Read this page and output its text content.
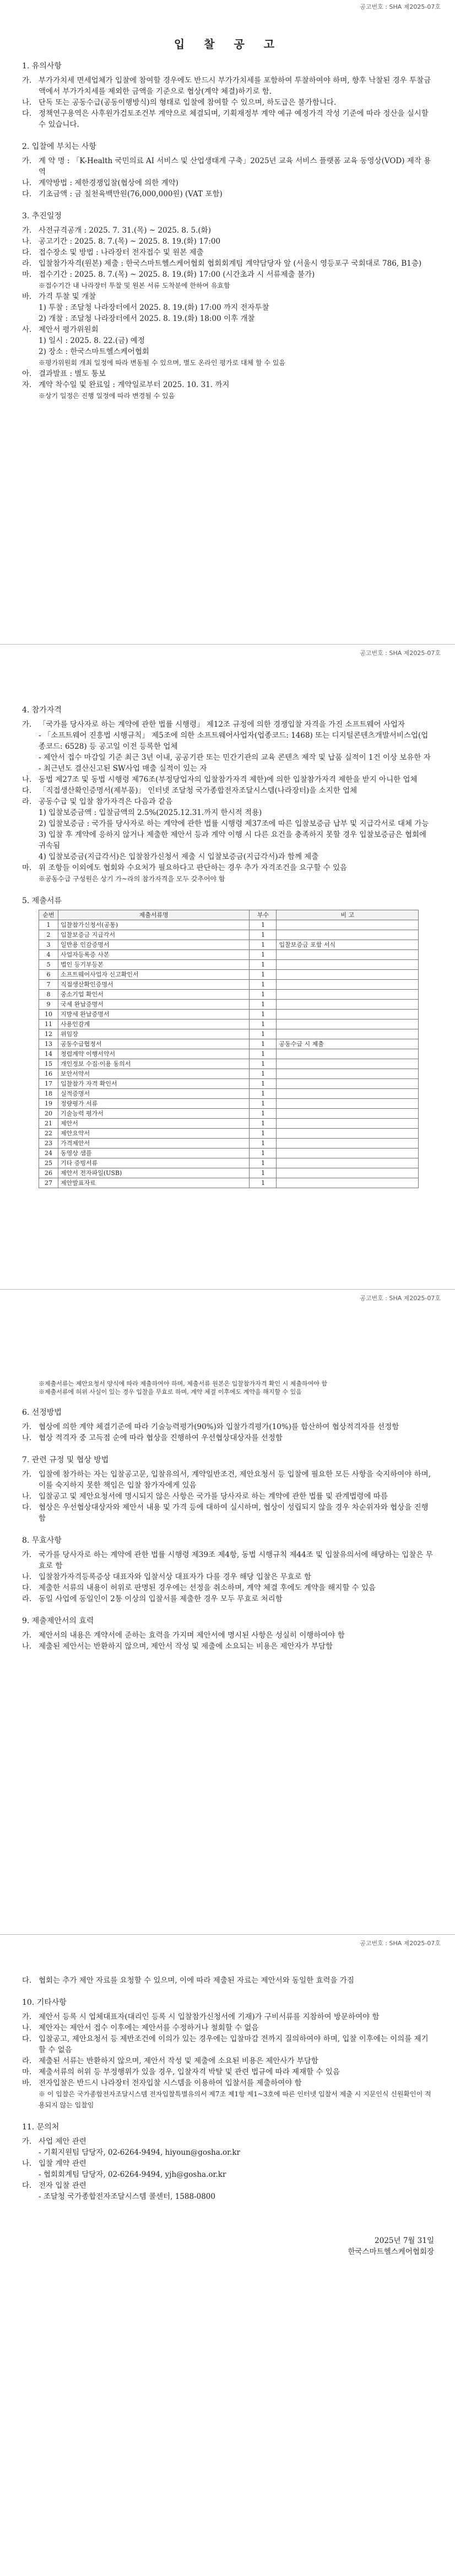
공고번호 : SHA 제2025-07호
입 찰 공 고
1. 유의사항
가. 부가가치세 면세업체가 입찰에 참여할 경우에도 반드시 부가가치세를 포함하여 투찰하여야 하며, 향후 낙찰된 경우 투찰금액에서 부가가치세를 제외한 금액을 기준으로 협상(계약 체결)하기로 함.
나. 단독 또는 공동수급(공동이행방식)의 형태로 입찰에 참여할 수 있으며, 하도급은 불가함니다.
다. 정책연구용역은 사후원가검토조건부 계약으로 체결되며, 기획재정부 계약 예규 예정가격 작성 기준에 따라 정산을 실시할 수 있습니다.
2. 입찰에 부치는 사항
가. 계 약 명 : 「K-Health 국민의료 AI 서비스 및 산업생태계 구축」2025년 교육 서비스 플랫폼 교육 동영상(VOD) 제작 용역
나. 계약방법 : 제한경쟁입찰(협상에 의한 계약)
다. 기초금액 : 금 칠천육백만원(76,000,000원) (VAT 포함)
3. 추진일정
가. 사전규격공개 : 2025. 7. 31.(목) ~ 2025. 8. 5.(화)
나. 공고기간 : 2025. 8. 7.(목) ~ 2025. 8. 19.(화) 17:00
다. 접수장소 및 방법 : 나라장터 전자접수 및 원본 제출
라. 입찰참가자격(원본) 제출 : 한국스마트헬스케어협회 협회회계팀 계약담당자 앞 (서울시 영등포구 국회대로 786, B1층)
마. 접수기간 : 2025. 8. 7.(목) ~ 2025. 8. 19.(화) 17:00 (시간초과 시 서류제출 불가)
※접수기간 내 나라장터 투찰 및 원본 서류 도착분에 한하여 유효함
바. 가격 투찰 및 개찰
1) 투찰 : 조달청 나라장터에서 2025. 8. 19.(화) 17:00 까지 전자투찰
2) 개찰 : 조달청 나라장터에서 2025. 8. 19.(화) 18:00 이후 개찰
사. 제안서 평가위원회
1) 일시 : 2025. 8. 22.(금) 예정
2) 장소 : 한국스마트헬스케어협회
※평가위원회 개최 일정에 따라 변동될 수 있으며, 별도 온라인 평가로 대체 할 수 있음
아. 결과발표 : 별도 통보
자. 계약 착수일 및 완료일 : 계약일로부터 2025. 10. 31. 까지
※상기 일정은 진행 일정에 따라 변경될 수 있음
공고번호 : SHA 제2025-07호
4. 참가자격
가. 「국가를 당사자로 하는 계약에 관한 법률 시행령」 제12조 규정에 의한 경쟁입찰 자격을 가진 소프트웨어 사업자
- 「소프트웨어 진흥법 시행규칙」 제5조에 의한 소프트웨어사업자(업종코드: 1468) 또는 디지털콘텐츠개발서비스업(업종코드: 6528) 등 공고일 이전 등록한 업체
- 제안서 접수 마감일 기준 최근 3년 이내, 공공기관 또는 민간기관의 교육 콘텐츠 제작 및 납품 실적이 1건 이상 보유한 자
- 최근년도 결산신고된 SW사업 매출 실적이 있는 자
나. 동법 제27조 및 동법 시행령 제76조(부정당업자의 입찰참가자격 제한)에 의한 입찰참가자격 제한을 받지 아니한 업체
다. 「직접생산확인증명서(제부품)」 인터넷 조달청 국가종합전자조달시스템(나라장터)을 소지한 업체
라. 공동수급 및 입찰 참가자격은 다음과 같음
1) 입찰보증금액 : 입찰금액의 2.5%(2025.12.31.까지 한시적 적용)
2) 입찰보증금 : 국가를 당사자로 하는 계약에 관한 법률 시행령 제37조에 따른 입찰보증금 납부 및 지급각서로 대체 가능
3) 입찰 후 계약에 응하지 않거나 제출한 제안서 등과 계약 이행 시 다른 요건을 충족하지 못할 경우 입찰보증금은 협회에 귀속됨
4) 입찰보증금(지급각서)은 입찰참가신청서 제출 시 입찰보증금(지급각서)과 함께 제출
마. 위 조항들 이외에도 협회와 수요처가 필요하다고 판단하는 경우 추가 자격조건을 요구할 수 있음
※공동수급 구성원은 상기 가~라의 참가자격을 모두 갖추어야 함
5. 제출서류
순번	제출서류명	부수	비 고
1	입찰참가신청서(공통)	1	
2	입찰보증금 지급각서	1	
3	일반용 인감증명서	1	입찰보증금 포함 서식
4	사업자등록증 사본	1	
5	법인 등기부등본	1	
6	소프트웨어사업자 신고확인서	1	
7	직접생산확인증명서	1	
8	중소기업 확인서	1	
9	국세 완납증명서	1	
10	지방세 완납증명서	1	
11	사용인감계	1	
12	위임장	1	
13	공동수급협정서	1	공동수급 시 제출
14	청렴계약 이행서약서	1	
15	개인정보 수집·이용 동의서	1	
16	보안서약서	1	
17	입찰참가 자격 확인서	1	
18	실적증명서	1	
19	정량평가 서류	1	
20	기술능력 평가서	1	
21	제안서	1	
22	제안요약서	1	
23	가격제안서	1	
24	동영상 샘플	1	
25	기타 증빙서류	1	
26	제안서 전자파일(USB)	1	
27	제안발표자료	1	
공고번호 : SHA 제2025-07호
※제출서류는 제안요청서 양식에 따라 제출하여야 하며, 제출서류 원본은 입찰참가자격 확인 시 제출하여야 함
※제출서류에 허위 사실이 있는 경우 입찰을 무효로 하며, 계약 체결 이후에도 계약을 해지할 수 있음
6. 선정방법
가. 협상에 의한 계약 체결기준에 따라 기술능력평가(90%)와 입찰가격평가(10%)를 합산하여 협상적격자를 선정함
나. 협상 적격자 중 고득점 순에 따라 협상을 진행하여 우선협상대상자를 선정함
7. 관련 규정 및 협상 방법
가. 입찰에 참가하는 자는 입찰공고문, 입찰유의서, 계약일반조건, 제안요청서 등 입찰에 필요한 모든 사항을 숙지하여야 하며, 이를 숙지하지 못한 책임은 입찰 참가자에게 있음
나. 입찰공고 및 제안요청서에 명시되지 않은 사항은 국가를 당사자로 하는 계약에 관한 법률 및 관계법령에 따름
다. 협상은 우선협상대상자와 제안서 내용 및 가격 등에 대하여 실시하며, 협상이 성립되지 않을 경우 차순위자와 협상을 진행함
8. 무효사항
가. 국가를 당사자로 하는 계약에 관한 법률 시행령 제39조 제4항, 동법 시행규칙 제44조 및 입찰유의서에 해당하는 입찰은 무효로 함
나. 입찰참가자격등록증상 대표자와 입찰서상 대표자가 다를 경우 해당 입찰은 무효로 함
다. 제출한 서류의 내용이 허위로 판명된 경우에는 선정을 취소하며, 계약 체결 후에도 계약을 해지할 수 있음
라. 동일 사업에 동일인이 2통 이상의 입찰서를 제출한 경우 모두 무효로 처리함
9. 제출제안서의 효력
가. 제안서의 내용은 계약서에 준하는 효력을 가지며 제안서에 명시된 사항은 성실히 이행하여야 함
나. 제출된 제안서는 반환하지 않으며, 제안서 작성 및 제출에 소요되는 비용은 제안자가 부담함
공고번호 : SHA 제2025-07호
다. 협회는 추가 제안 자료를 요청할 수 있으며, 이에 따라 제출된 자료는 제안서와 동일한 효력을 가짐
10. 기타사항
가. 제안서 등록 시 업체대표자(대리인 등록 시 입찰참가신청서에 기재)가 구비서류를 지참하여 방문하여야 함
나. 제안자는 제안서 접수 이후에는 제안서를 수정하거나 철회할 수 없음
다. 입찰공고, 제안요청서 등 제반조건에 이의가 있는 경우에는 입찰마감 전까지 질의하여야 하며, 입찰 이후에는 이의를 제기할 수 없음
라. 제출된 서류는 반환하지 않으며, 제안서 작성 및 제출에 소요된 비용은 제안사가 부담함
마. 제출서류의 허위 등 부정행위가 있을 경우, 입찰자격 박탈 및 관련 법규에 따라 제재할 수 있음
바. 전자입찰은 반드시 나라장터 전자입찰 시스템을 이용하여 입찰서를 제출하여야 함
※ 이 입찰은 국가종합전자조달시스템 전자입찰특별유의서 제7조 제1항 제1~3호에 따른 인터넷 입찰서 제출 시 지문인식 신원확인이 적용되지 않는 입찰임
11. 문의처
가. 사업 제안 관련
- 기획지원팀 담당자, 02-6264-9494, hiyoun@gosha.or.kr
나. 입찰 계약 관련
- 협회회계팀 담당자, 02-6264-9494, yjh@gosha.or.kr
다. 전자 입찰 관련
- 조달청 국가종합전자조달시스템 콜센터, 1588-0800
2025년 7월 31일
한국스마트헬스케어협회장
